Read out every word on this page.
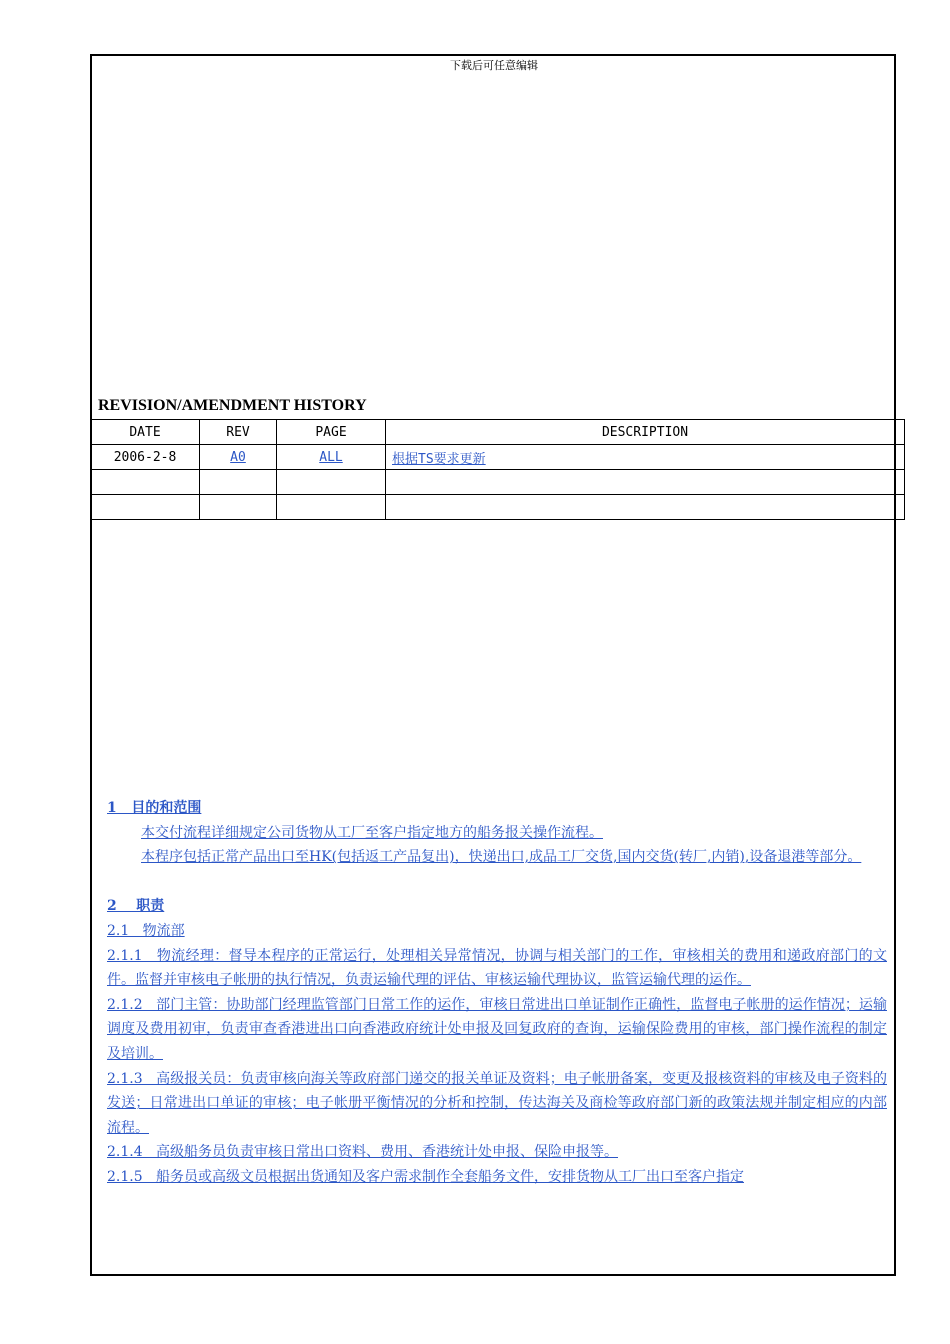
下载后可任意编辑
REVISION/AMENDMENT HISTORY
DATE	REV	PAGE	DESCRIPTION
2006-2-8	A0	ALL	根据TS要求更新

1   目的和范围

本交付流程详细规定公司货物从工厂至客户指定地方的船务报关操作流程。

本程序包括正常产品出口至HK(包括返工产品复出)，快递出口,成品工厂交货,国内交货(转厂,内销),设备退港等部分。

2    职责

2.1   物流部

2.1.1   物流经理：督导本程序的正常运行，处理相关异常情况，协调与相关部门的工作，审核相关的费用和递政府部门的文件。监督并审核电子帐册的执行情况，负责运输代理的评估、审核运输代理协议，监管运输代理的运作。

2.1.2   部门主管：协助部门经理监管部门日常工作的运作，审核日常进出口单证制作正确性，监督电子帐册的运作情况；运输调度及费用初审，负责审查香港进出口向香港政府统计处申报及回复政府的查询，运输保险费用的审核，部门操作流程的制定及培训。

2.1.3   高级报关员：负责审核向海关等政府部门递交的报关单证及资料；电子帐册备案，变更及报核资料的审核及电子资料的发送；日常进出口单证的审核；电子帐册平衡情况的分析和控制，传达海关及商检等政府部门新的政策法规并制定相应的内部流程。

2.1.4   高级船务员负责审核日常出口资料、费用、香港统计处申报、保险申报等。

2.1.5   船务员或高级文员根据出货通知及客户需求制作全套船务文件，安排货物从工厂出口至客户指定
